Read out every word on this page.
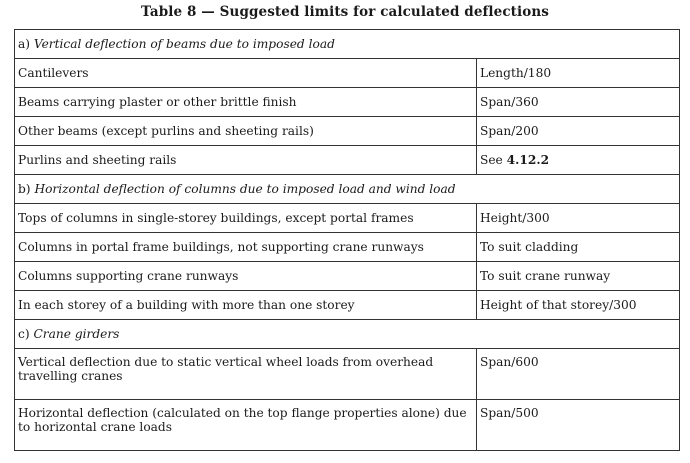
Table 8 — Suggested limits for calculated deflections
a) Vertical deflection of beams due to imposed load	
Cantilevers	Length/180
Beams carrying plaster or other brittle finish	Span/360
Other beams (except purlins and sheeting rails)	Span/200
Purlins and sheeting rails	See 4.12.2
b) Horizontal deflection of columns due to imposed load and wind load	
Tops of columns in single-storey buildings, except portal frames	Height/300
Columns in portal frame buildings, not supporting crane runways	To suit cladding
Columns supporting crane runways	To suit crane runway
In each storey of a building with more than one storey	Height of that storey/300
c) Crane girders	
Vertical deflection due to static vertical wheel loads from overhead travelling cranes	Span/600
Horizontal deflection (calculated on the top flange properties alone) due to horizontal crane loads	Span/500
